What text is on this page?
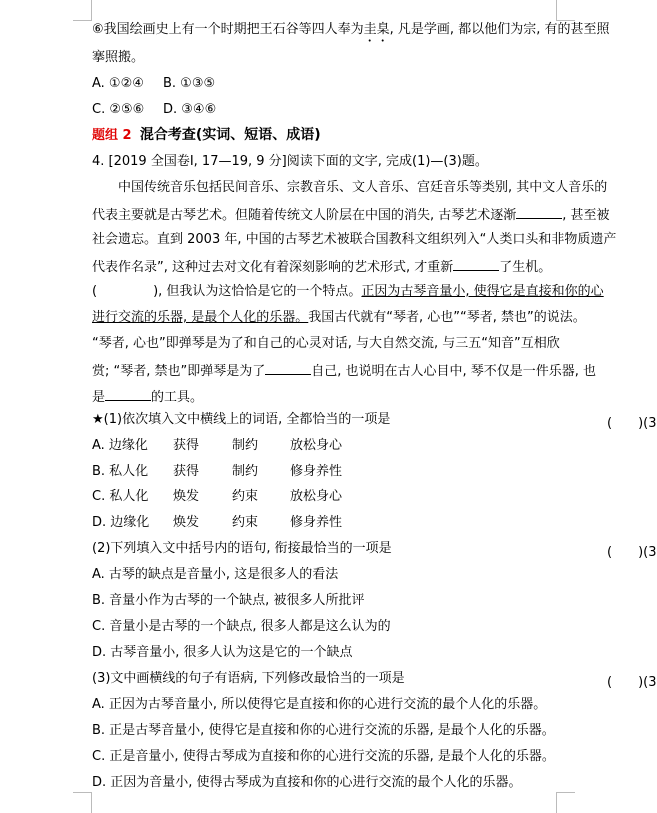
⑥我国绘画史上有一个时期把王石谷等四人奉为圭臬, 凡是学画, 都以他们为宗, 有的甚至照
搴照搬。
A. ①②④ B. ①③⑤
C. ②⑤⑥ D. ③④⑥
题组 2 混合考查(实词、短语、成语)
4. [2019 全国卷Ⅰ, 17—19, 9 分]阅读下面的文字, 完成(1)—(3)题。
中国传统音乐包括民间音乐、宗教音乐、文人音乐、宫廷音乐等类别, 其中文人音乐的
代表主要就是古琴艺术。但随着传统文人阶层在中国的消失, 古琴艺术逐渐	, 甚至被
社会遗忘。直到 2003 年, 中国的古琴艺术被联合国教科文组织列入“人类口头和非物质遗产
代表作名录”, 这种过去对文化有着深刻影响的艺术形式, 才重新	了生机。
(	), 但我认为这恰恰是它的一个特点。正因为古琴音量小, 使得它是直接和你的心
进行交流的乐器, 是最个人化的乐器。我国古代就有“琴者, 心也”“琴者, 禁也”的说法。
“琴者, 心也”即弹琴是为了和自己的心灵对话, 与大自然交流, 与三五“知音”互相欣
赏; “琴者, 禁也”即弹琴是为了	自己, 也说明在古人心目中, 琴不仅是一件乐器, 也
是	的工具。
★(1)依次填入文中横线上的词语, 全都恰当的一项是	(　　)(3
A. 边缘化 获得	制约 放松身心
B. 私人化 获得	制约 修身养性
C. 私人化 焕发	约束 放松身心
D. 边缘化 焕发	约束 修身养性
(2)下列填入文中括号内的语句, 衔接最恰当的一项是	(　　)(3
A. 古琴的缺点是音量小, 这是很多人的看法
B. 音量小作为古琴的一个缺点, 被很多人所批评
C. 音量小是古琴的一个缺点, 很多人都是这么认为的
D. 古琴音量小, 很多人认为这是它的一个缺点
(3)文中画横线的句子有语病, 下列修改最恰当的一项是	(　　)(3
A. 正因为古琴音量小, 所以使得它是直接和你的心进行交流的最个人化的乐器。
B. 正是古琴音量小, 使得它是直接和你的心进行交流的乐器, 是最个人化的乐器。
C. 正是音量小, 使得古琴成为直接和你的心进行交流的乐器, 是最个人化的乐器。
D. 正因为音量小, 使得古琴成为直接和你的心进行交流的最个人化的乐器。
